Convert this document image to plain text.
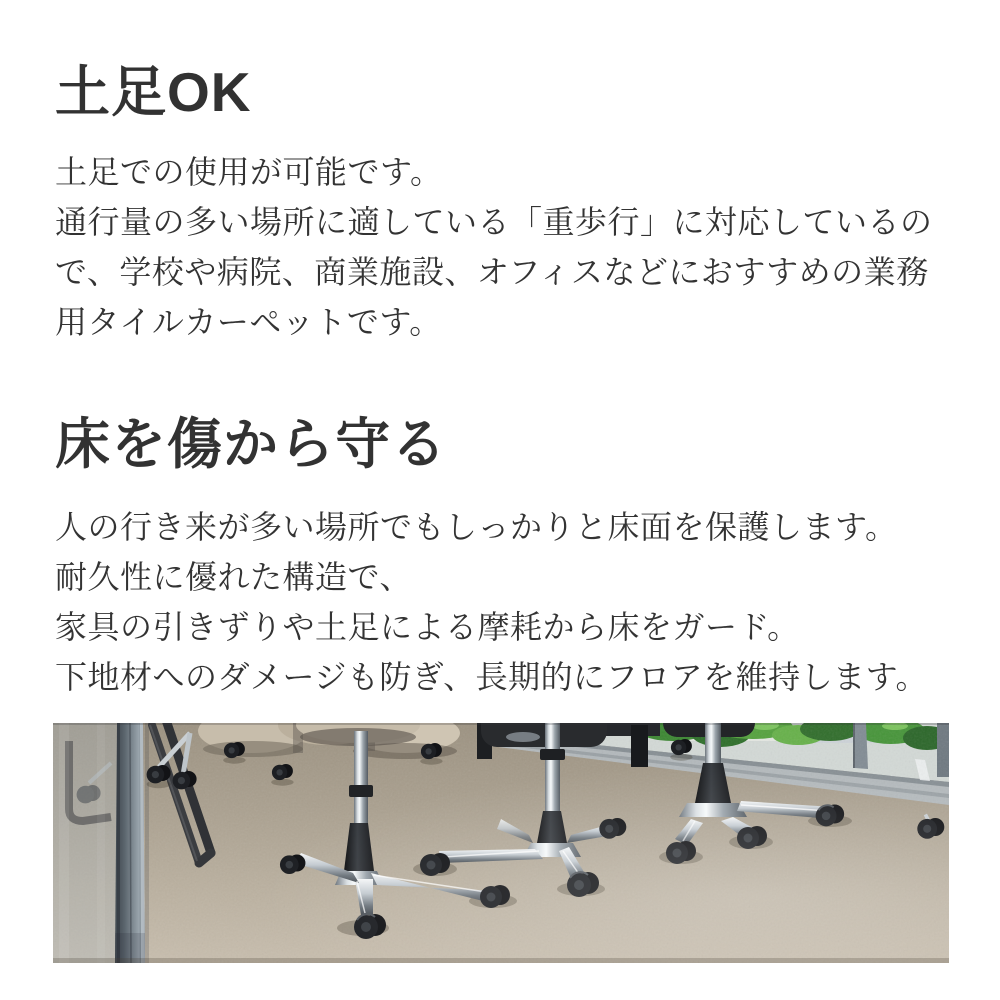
土足OK
土足での使用が可能です。
通行量の多い場所に適している「重歩行」に対応しているの
で、学校や病院、商業施設、オフィスなどにおすすめの業務
用タイルカーペットです。
床を傷から守る
人の行き来が多い場所でもしっかりと床面を保護します。
耐久性に優れた構造で、
家具の引きずりや土足による摩耗から床をガード。
下地材へのダメージも防ぎ、長期的にフロアを維持します。
